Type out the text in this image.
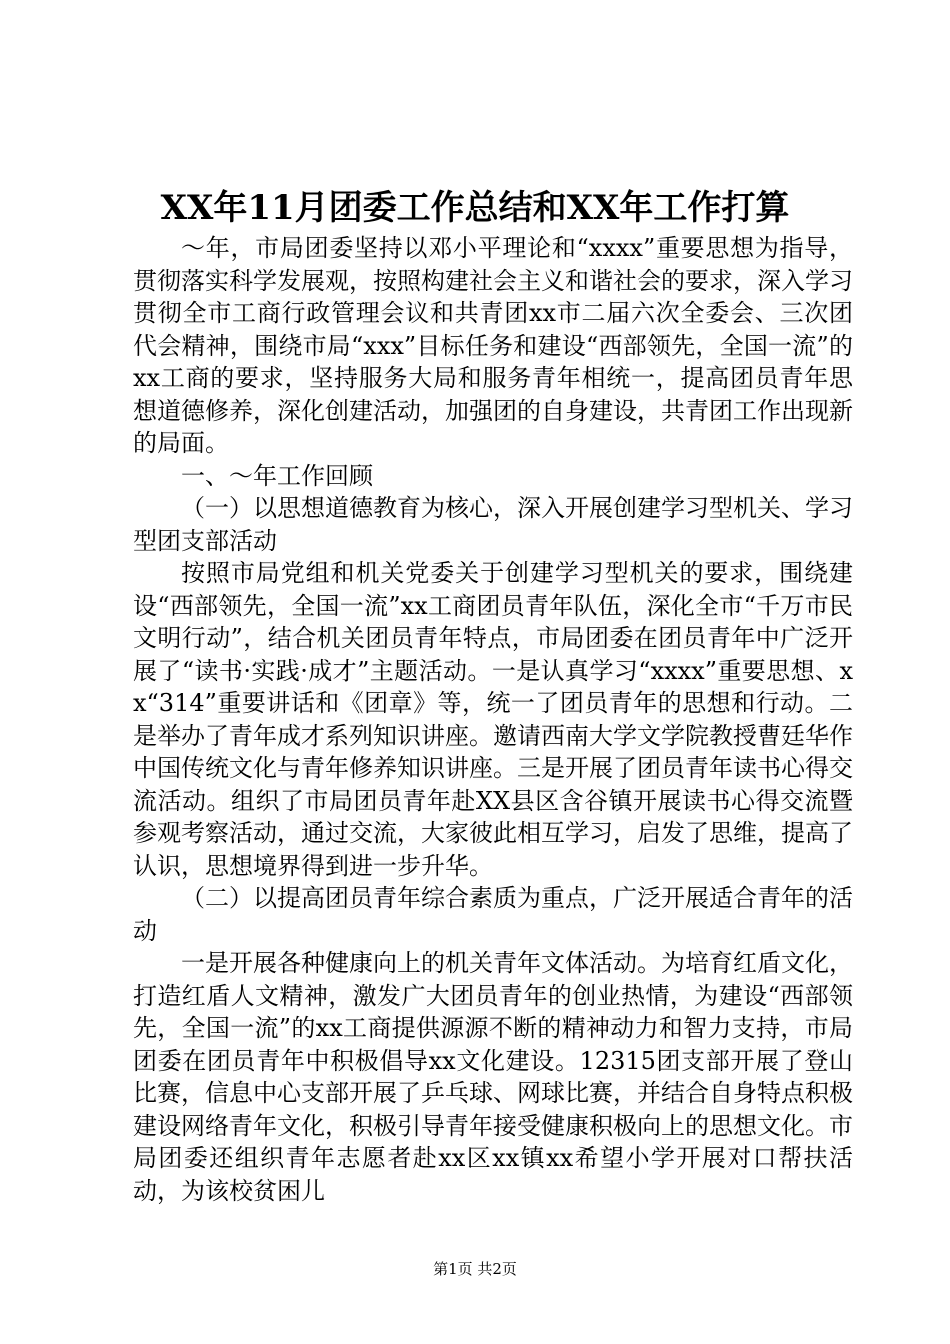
XX年11月团委工作总结和XX年工作打算

～年，市局团委坚持以邓小平理论和“xxxx”重要思想为指导，贯彻落实科学发展观，按照构建社会主义和谐社会的要求，深入学习贯彻全市工商行政管理会议和共青团xx市二届六次全委会、三次团代会精神，围绕市局“xxx”目标任务和建设“西部领先，全国一流”的xx工商的要求，坚持服务大局和服务青年相统一，提高团员青年思想道德修养，深化创建活动，加强团的自身建设，共青团工作出现新的局面。

一、～年工作回顾

（一）以思想道德教育为核心，深入开展创建学习型机关、学习型团支部活动

按照市局党组和机关党委关于创建学习型机关的要求，围绕建设“西部领先，全国一流”xx工商团员青年队伍，深化全市“千万市民文明行动”，结合机关团员青年特点，市局团委在团员青年中广泛开展了“读书·实践·成才”主题活动。一是认真学习“xxxx”重要思想、xx“314”重要讲话和《团章》等，统一了团员青年的思想和行动。二是举办了青年成才系列知识讲座。邀请西南大学文学院教授曹廷华作中国传统文化与青年修养知识讲座。三是开展了团员青年读书心得交流活动。组织了市局团员青年赴XX县区含谷镇开展读书心得交流暨参观考察活动，通过交流，大家彼此相互学习，启发了思维，提高了认识，思想境界得到进一步升华。

（二）以提高团员青年综合素质为重点，广泛开展适合青年的活动

一是开展各种健康向上的机关青年文体活动。为培育红盾文化，打造红盾人文精神，激发广大团员青年的创业热情，为建设“西部领先，全国一流”的xx工商提供源源不断的精神动力和智力支持，市局团委在团员青年中积极倡导xx文化建设。12315团支部开展了登山比赛，信息中心支部开展了乒乓球、网球比赛，并结合自身特点积极建设网络青年文化，积极引导青年接受健康积极向上的思想文化。市局团委还组织青年志愿者赴xx区xx镇xx希望小学开展对口帮扶活动，为该校贫困儿

第1页 共2页
